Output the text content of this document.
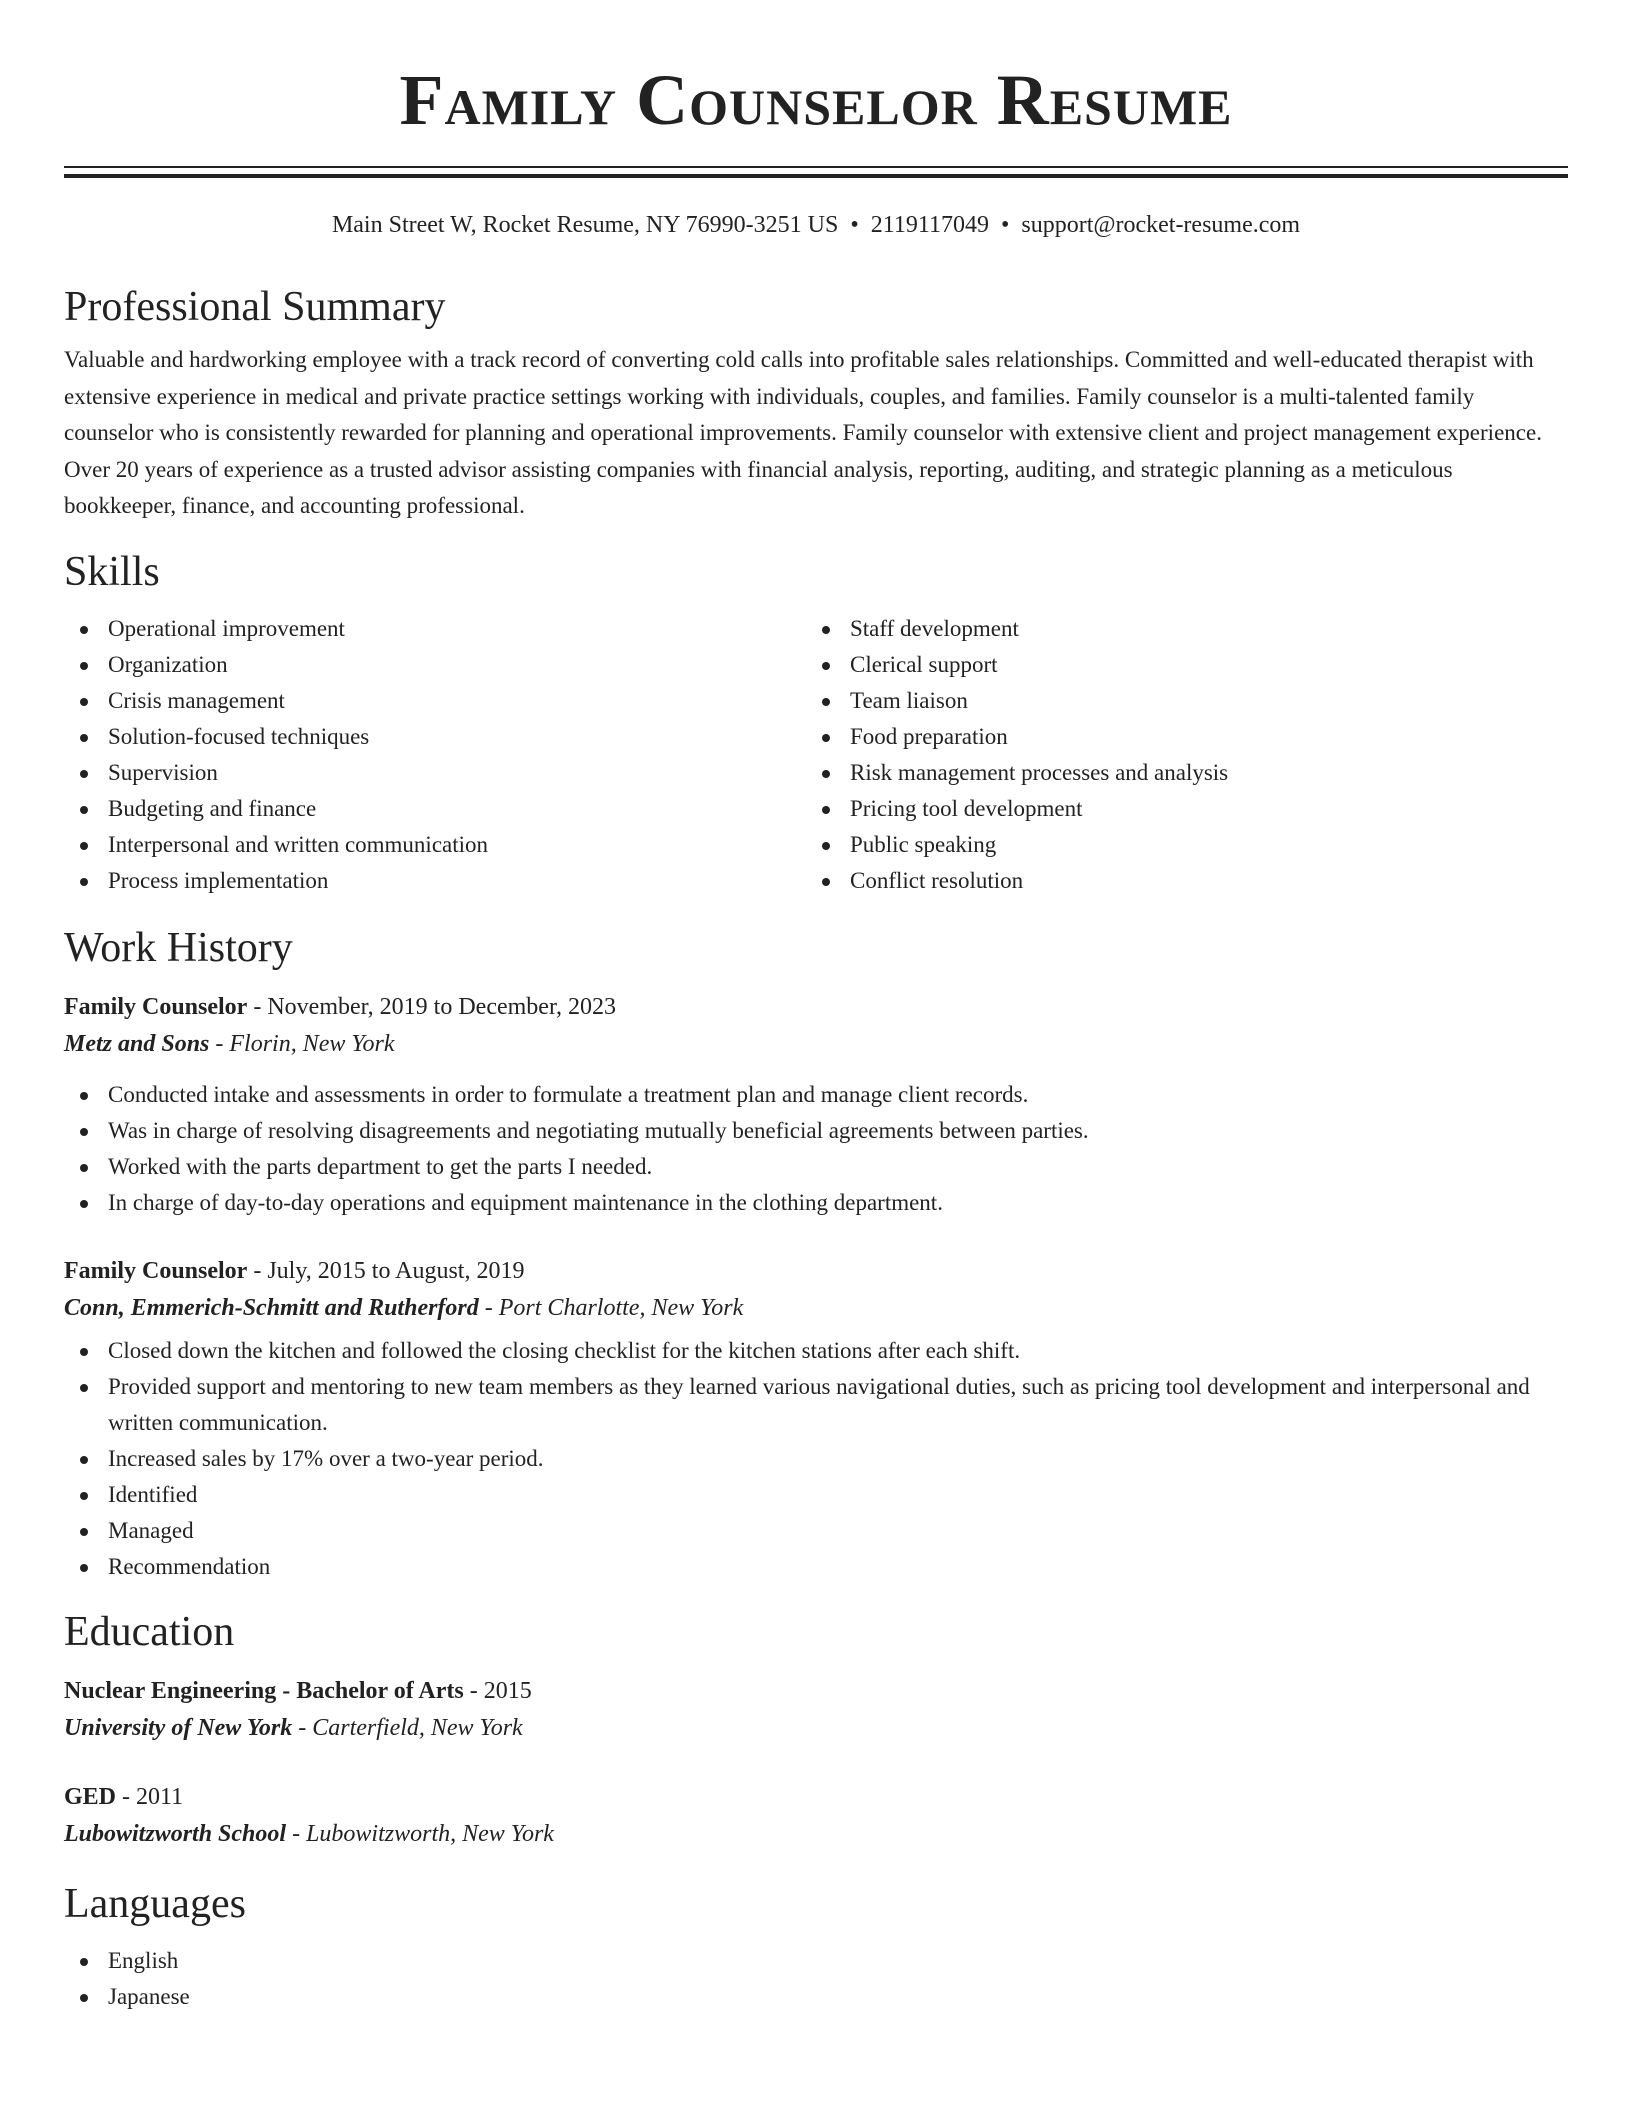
Family Counselor Resume
Main Street W, Rocket Resume, NY 76990-3251 US • 2119117049 • support@rocket-resume.com
Professional Summary

Valuable and hardworking employee with a track record of converting cold calls into profitable sales relationships. Committed and well-educated therapist with extensive experience in medical and private practice settings working with individuals, couples, and families. Family counselor is a multi-talented family counselor who is consistently rewarded for planning and operational improvements. Family counselor with extensive client and project management experience. Over 20 years of experience as a trusted advisor assisting companies with financial analysis, reporting, auditing, and strategic planning as a meticulous bookkeeper, finance, and accounting professional.

Skills
Operational improvement
Organization
Crisis management
Solution-focused techniques
Supervision
Budgeting and finance
Interpersonal and written communication
Process implementation
Staff development
Clerical support
Team liaison
Food preparation
Risk management processes and analysis
Pricing tool development
Public speaking
Conflict resolution
Work History
Family Counselor - November, 2019 to December, 2023
Metz and Sons - Florin, New York
Conducted intake and assessments in order to formulate a treatment plan and manage client records.
Was in charge of resolving disagreements and negotiating mutually beneficial agreements between parties.
Worked with the parts department to get the parts I needed.
In charge of day-to-day operations and equipment maintenance in the clothing department.
Family Counselor - July, 2015 to August, 2019
Conn, Emmerich-Schmitt and Rutherford - Port Charlotte, New York
Closed down the kitchen and followed the closing checklist for the kitchen stations after each shift.
Provided support and mentoring to new team members as they learned various navigational duties, such as pricing tool development and interpersonal and written communication.
Increased sales by 17% over a two-year period.
Identified
Managed
Recommendation
Education
Nuclear Engineering - Bachelor of Arts - 2015
University of New York - Carterfield, New York
GED - 2011
Lubowitzworth School - Lubowitzworth, New York
Languages
English
Japanese
